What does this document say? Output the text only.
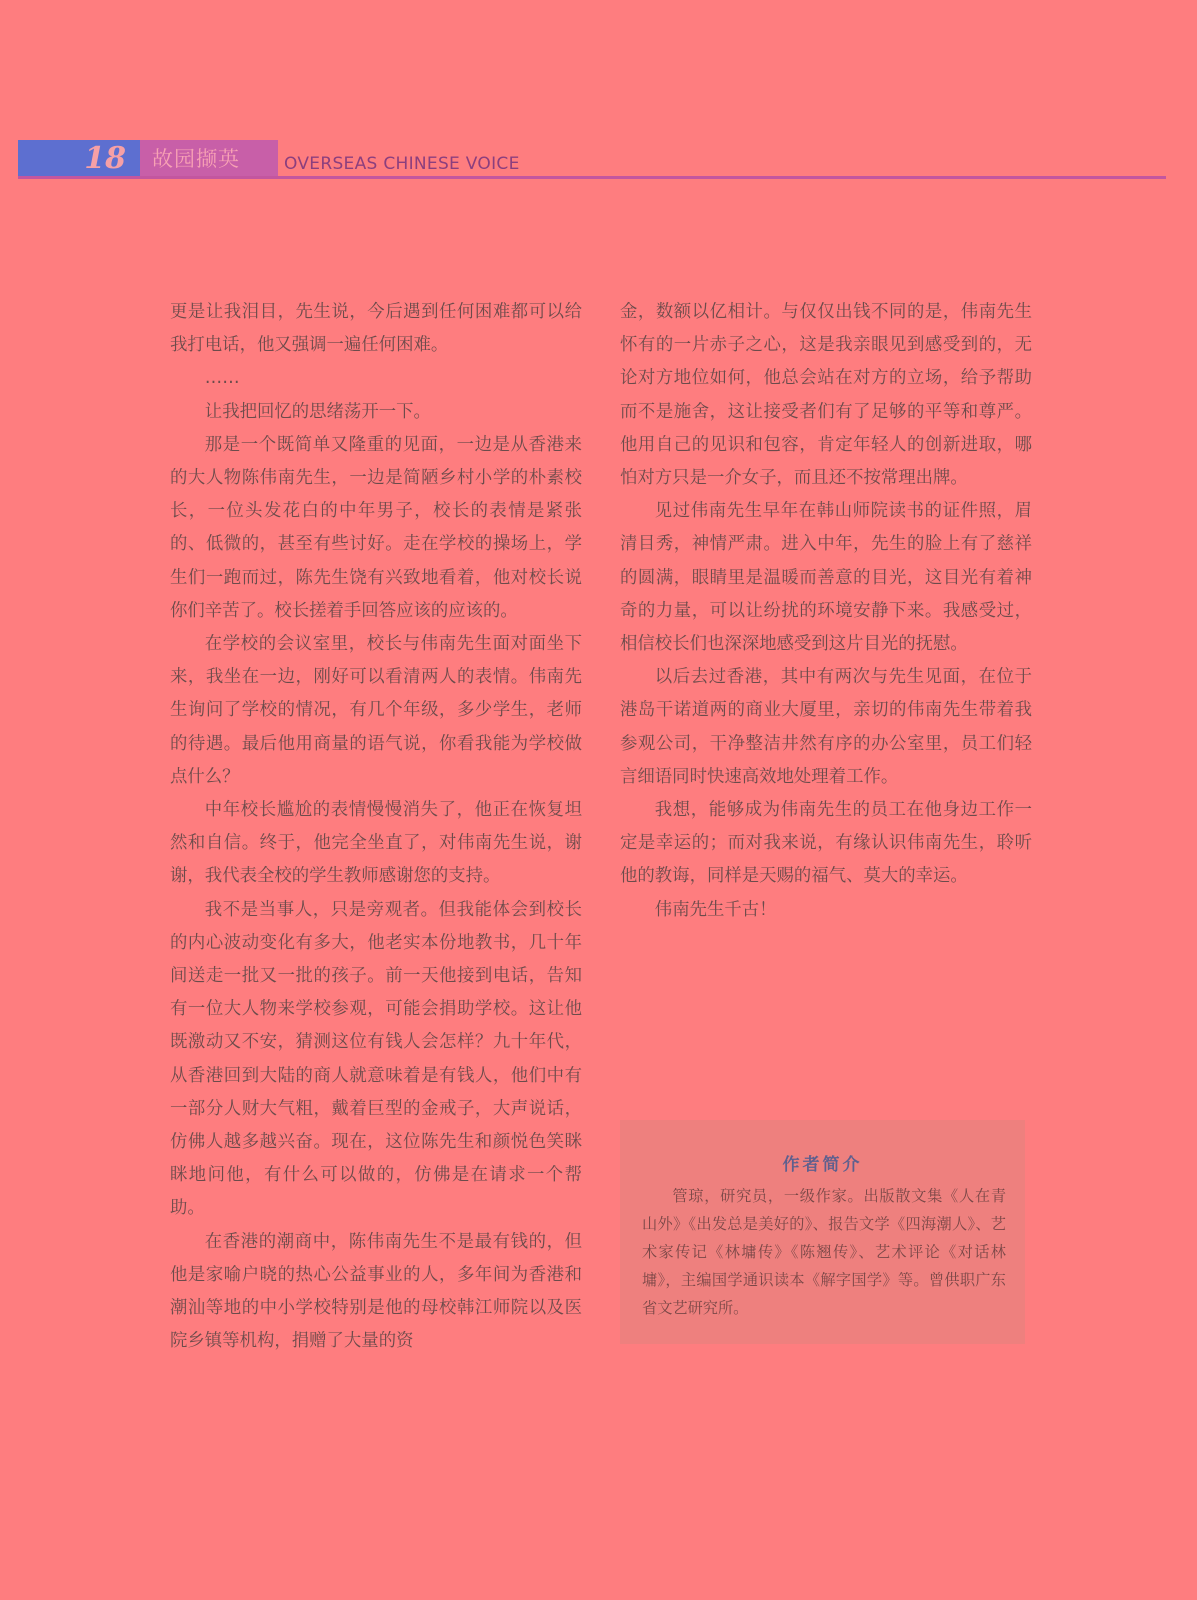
18 故园撷英	OVERSEAS CHINESE VOICE

更是让我泪目，先生说，今后遇到任何困难都可以给我打电话，他又强调一遍任何困难。

……

让我把回忆的思绪荡开一下。

那是一个既简单又隆重的见面，一边是从香港来的大人物陈伟南先生，一边是简陋乡村小学的朴素校长，一位头发花白的中年男子，校长的表情是紧张的、低微的，甚至有些讨好。走在学校的操场上，学生们一跑而过，陈先生饶有兴致地看着，他对校长说你们辛苦了。校长搓着手回答应该的应该的。

在学校的会议室里，校长与伟南先生面对面坐下来，我坐在一边，刚好可以看清两人的表情。伟南先生询问了学校的情况，有几个年级，多少学生，老师的待遇。最后他用商量的语气说，你看我能为学校做点什么？

中年校长尴尬的表情慢慢消失了，他正在恢复坦然和自信。终于，他完全坐直了，对伟南先生说，谢谢，我代表全校的学生教师感谢您的支持。

我不是当事人，只是旁观者。但我能体会到校长的内心波动变化有多大，他老实本份地教书，几十年间送走一批又一批的孩子。前一天他接到电话，告知有一位大人物来学校参观，可能会捐助学校。这让他既激动又不安，猜测这位有钱人会怎样？九十年代，从香港回到大陆的商人就意味着是有钱人，他们中有一部分人财大气粗，戴着巨型的金戒子，大声说话，仿佛人越多越兴奋。现在，这位陈先生和颜悦色笑眯眯地问他，有什么可以做的，仿佛是在请求一个帮助。

在香港的潮商中，陈伟南先生不是最有钱的，但他是家喻户晓的热心公益事业的人，多年间为香港和潮汕等地的中小学校特别是他的母校韩江师院以及医院乡镇等机构，捐赠了大量的资

金，数额以亿相计。与仅仅出钱不同的是，伟南先生怀有的一片赤子之心，这是我亲眼见到感受到的，无论对方地位如何，他总会站在对方的立场，给予帮助而不是施舍，这让接受者们有了足够的平等和尊严。他用自己的见识和包容，肯定年轻人的创新进取，哪怕对方只是一介女子，而且还不按常理出牌。

见过伟南先生早年在韩山师院读书的证件照，眉清目秀，神情严肃。进入中年，先生的脸上有了慈祥的圆满，眼睛里是温暖而善意的目光，这目光有着神奇的力量，可以让纷扰的环境安静下来。我感受过，相信校长们也深深地感受到这片目光的抚慰。

以后去过香港，其中有两次与先生见面，在位于港岛干诺道两的商业大厦里，亲切的伟南先生带着我参观公司，干净整洁井然有序的办公室里，员工们轻言细语同时快速高效地处理着工作。

我想，能够成为伟南先生的员工在他身边工作一定是幸运的；而对我来说，有缘认识伟南先生，聆听他的教诲，同样是天赐的福气、莫大的幸运。

伟南先生千古！

作者简介

管琼，研究员，一级作家。出版散文集《人在青山外》《出发总是美好的》、报告文学《四海潮人》、艺术家传记《林墉传》《陈翘传》、艺术评论《对话林墉》，主编国学通识读本《解字国学》等。曾供职广东省文艺研究所。
